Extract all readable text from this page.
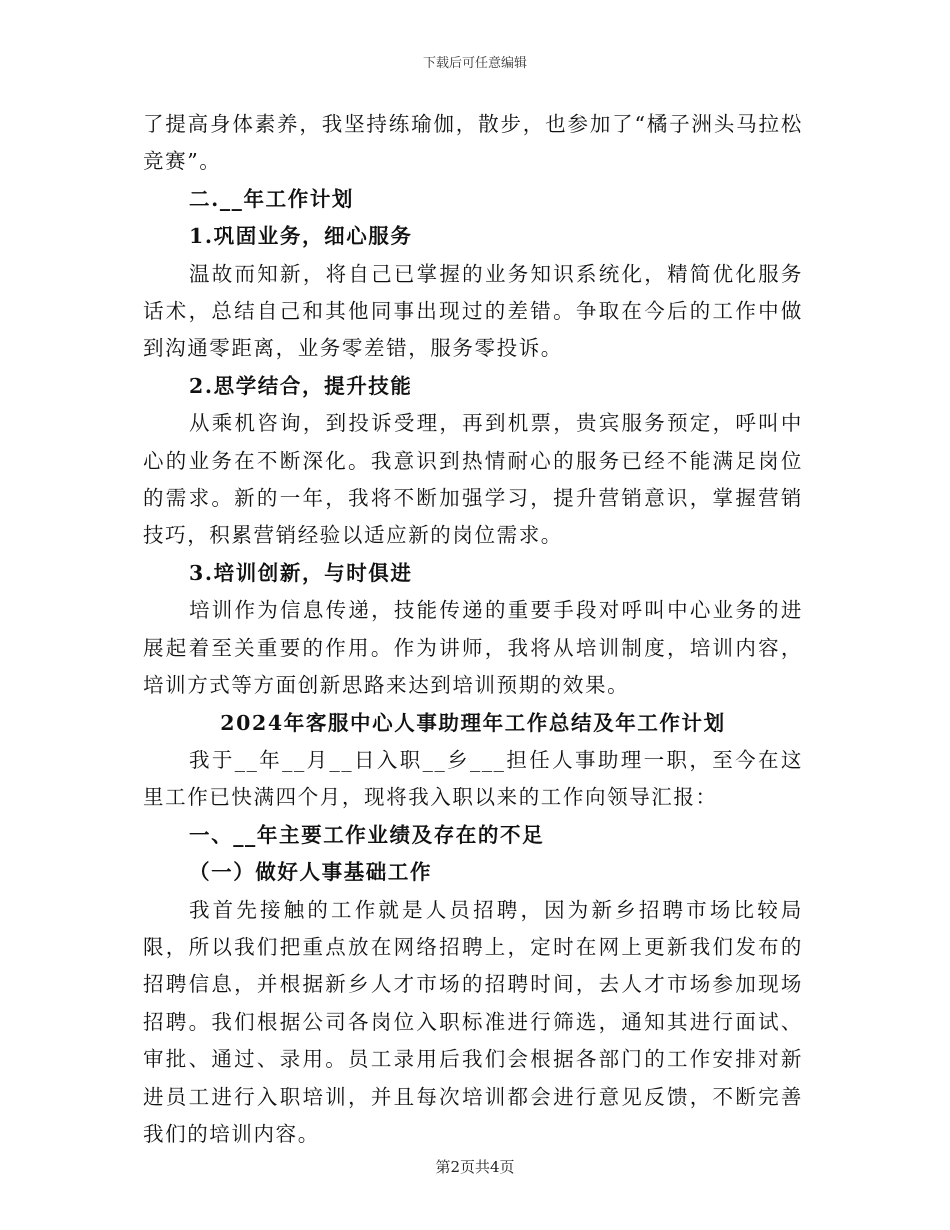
下载后可任意编辑

了提高身体素养，我坚持练瑜伽，散步，也参加了“橘子洲头马拉松竞赛”。

二.__年工作计划

1.巩固业务，细心服务

温故而知新，将自己已掌握的业务知识系统化，精简优化服务话术，总结自己和其他同事出现过的差错。争取在今后的工作中做到沟通零距离，业务零差错，服务零投诉。

2.思学结合，提升技能

从乘机咨询，到投诉受理，再到机票，贵宾服务预定，呼叫中心的业务在不断深化。我意识到热情耐心的服务已经不能满足岗位的需求。新的一年，我将不断加强学习，提升营销意识，掌握营销技巧，积累营销经验以适应新的岗位需求。

3.培训创新，与时俱进

培训作为信息传递，技能传递的重要手段对呼叫中心业务的进展起着至关重要的作用。作为讲师，我将从培训制度，培训内容，培训方式等方面创新思路来达到培训预期的效果。

2024年客服中心人事助理年工作总结及年工作计划

我于__年__月__日入职__乡___担任人事助理一职，至今在这里工作已快满四个月，现将我入职以来的工作向领导汇报：

一、__年主要工作业绩及存在的不足

（一）做好人事基础工作

我首先接触的工作就是人员招聘，因为新乡招聘市场比较局限，所以我们把重点放在网络招聘上，定时在网上更新我们发布的招聘信息，并根据新乡人才市场的招聘时间，去人才市场参加现场招聘。我们根据公司各岗位入职标准进行筛选，通知其进行面试、审批、通过、录用。员工录用后我们会根据各部门的工作安排对新进员工进行入职培训，并且每次培训都会进行意见反馈，不断完善我们的培训内容。

第2页共4页
